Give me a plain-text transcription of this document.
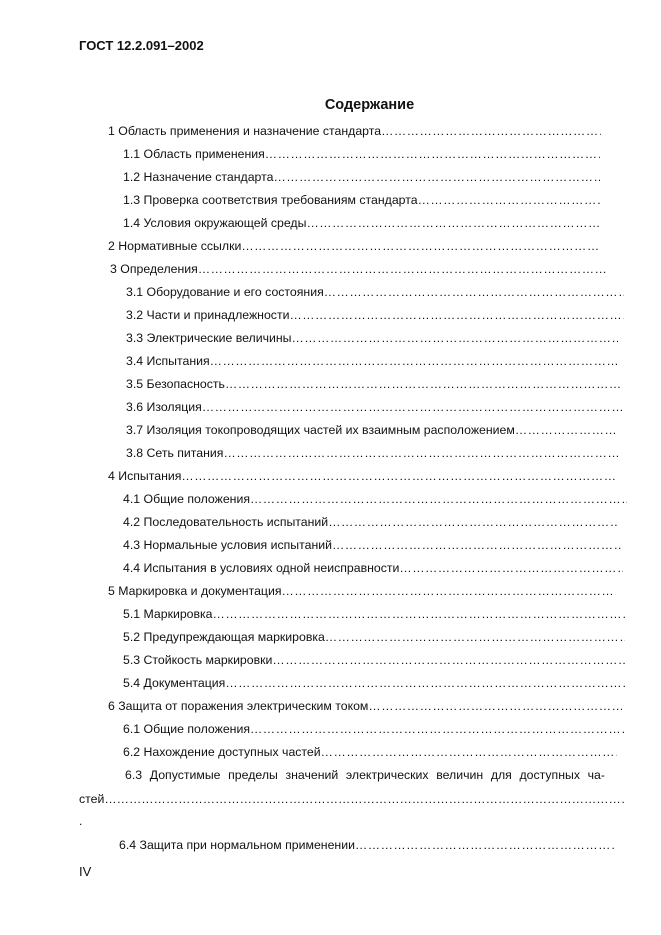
ГОСТ 12.2.091–2002
Содержание
1 Область применения и назначение стандарта
…………………………………………………………………………………………………………………………………………………………………………………………
1.1 Область применения
…………………………………………………………………………………………………………………………………………………………………………………………
1.2 Назначение стандарта
…………………………………………………………………………………………………………………………………………………………………………………………
1.3 Проверка соответствия требованиям стандарта
…………………………………………………………………………………………………………………………………………………………………………………………
1.4 Условия окружающей среды
…………………………………………………………………………………………………………………………………………………………………………………………
2 Нормативные ссылки
…………………………………………………………………………………………………………………………………………………………………………………………
3 Определения
…………………………………………………………………………………………………………………………………………………………………………………………
3.1 Оборудование и его состояния
…………………………………………………………………………………………………………………………………………………………………………………………
3.2 Части и принадлежности
…………………………………………………………………………………………………………………………………………………………………………………………
3.3 Электрические величины
…………………………………………………………………………………………………………………………………………………………………………………………
3.4 Испытания
…………………………………………………………………………………………………………………………………………………………………………………………
3.5 Безопасность
…………………………………………………………………………………………………………………………………………………………………………………………
3.6 Изоляция
…………………………………………………………………………………………………………………………………………………………………………………………
3.7 Изоляция токопроводящих частей их взаимным расположением
…………………………………………………………………………………………………………………………………………………………………………………………
3.8 Сеть питания
…………………………………………………………………………………………………………………………………………………………………………………………
4 Испытания
…………………………………………………………………………………………………………………………………………………………………………………………
4.1 Общие положения
…………………………………………………………………………………………………………………………………………………………………………………………
4.2 Последовательность испытаний
…………………………………………………………………………………………………………………………………………………………………………………………
4.3 Нормальные условия испытаний
…………………………………………………………………………………………………………………………………………………………………………………………
4.4 Испытания в условиях одной неисправности
…………………………………………………………………………………………………………………………………………………………………………………………
5 Маркировка и документация
…………………………………………………………………………………………………………………………………………………………………………………………
5.1 Маркировка
…………………………………………………………………………………………………………………………………………………………………………………………
5.2 Предупреждающая маркировка
…………………………………………………………………………………………………………………………………………………………………………………………
5.3 Стойкость маркировки
…………………………………………………………………………………………………………………………………………………………………………………………
5.4 Документация
…………………………………………………………………………………………………………………………………………………………………………………………
6 Защита от поражения электрическим током
…………………………………………………………………………………………………………………………………………………………………………………………
6.1 Общие положения
…………………………………………………………………………………………………………………………………………………………………………………………
6.2 Нахождение доступных частей
…………………………………………………………………………………………………………………………………………………………………………………………
6.3 Допустимые пределы значений электрических величин для доступных ча-
стей
…………………………………………………………………………………………………………………………………………………………………………………………
.
6.4 Защита при нормальном применении
…………………………………………………………………………………………………………………………………………………………………………………………
IV
